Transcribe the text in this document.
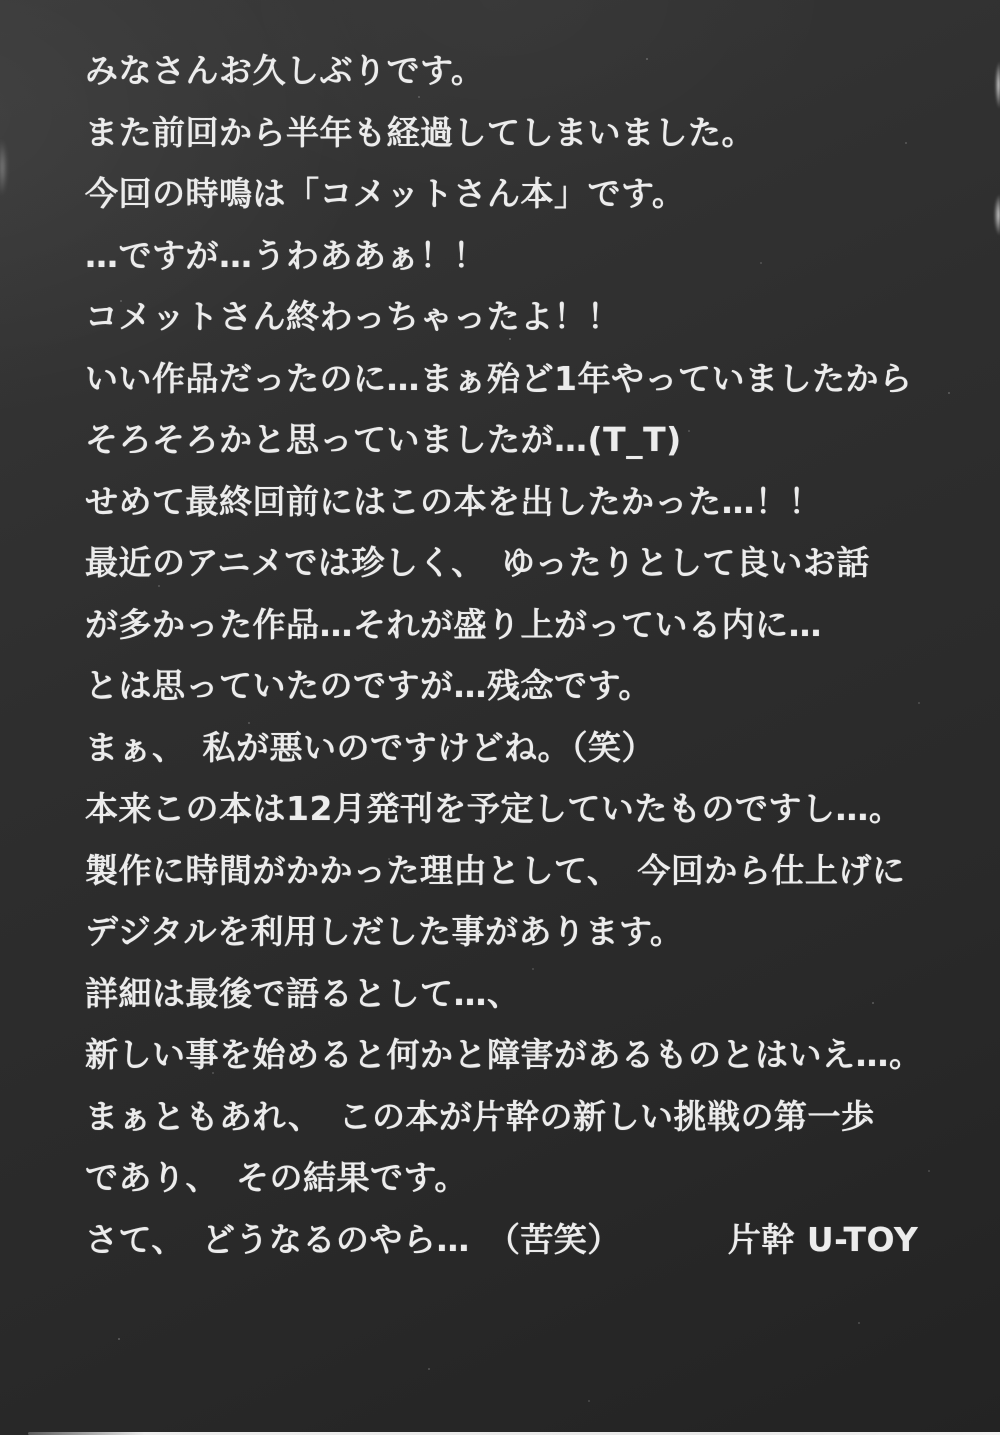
みなさんお久しぶりです。

また前回から半年も経過してしまいました。

今回の時鳴は「コメットさん本」です。

…ですが…うわああぁ！！

コメットさん終わっちゃったよ！！

いい作品だったのに…まぁ殆ど1年やっていましたから

そろそろかと思っていましたが…(T_T)

せめて最終回前にはこの本を出したかった…！！

最近のアニメでは珍しく、　ゆったりとして良いお話

が多かった作品…それが盛り上がっている内に…

とは思っていたのですが…残念です。

まぁ、　私が悪いのですけどね。（笑）

本来この本は12月発刊を予定していたものですし…。

製作に時間がかかった理由として、　今回から仕上げに

デジタルを利用しだした事があります。

詳細は最後で語るとして…、

新しい事を始めると何かと障害があるものとはいえ…。

まぁともあれ、　この本が片幹の新しい挑戦の第一歩

であり、　その結果です。

さて、　どうなるのやら…　（苦笑）	片幹 U-TOY
